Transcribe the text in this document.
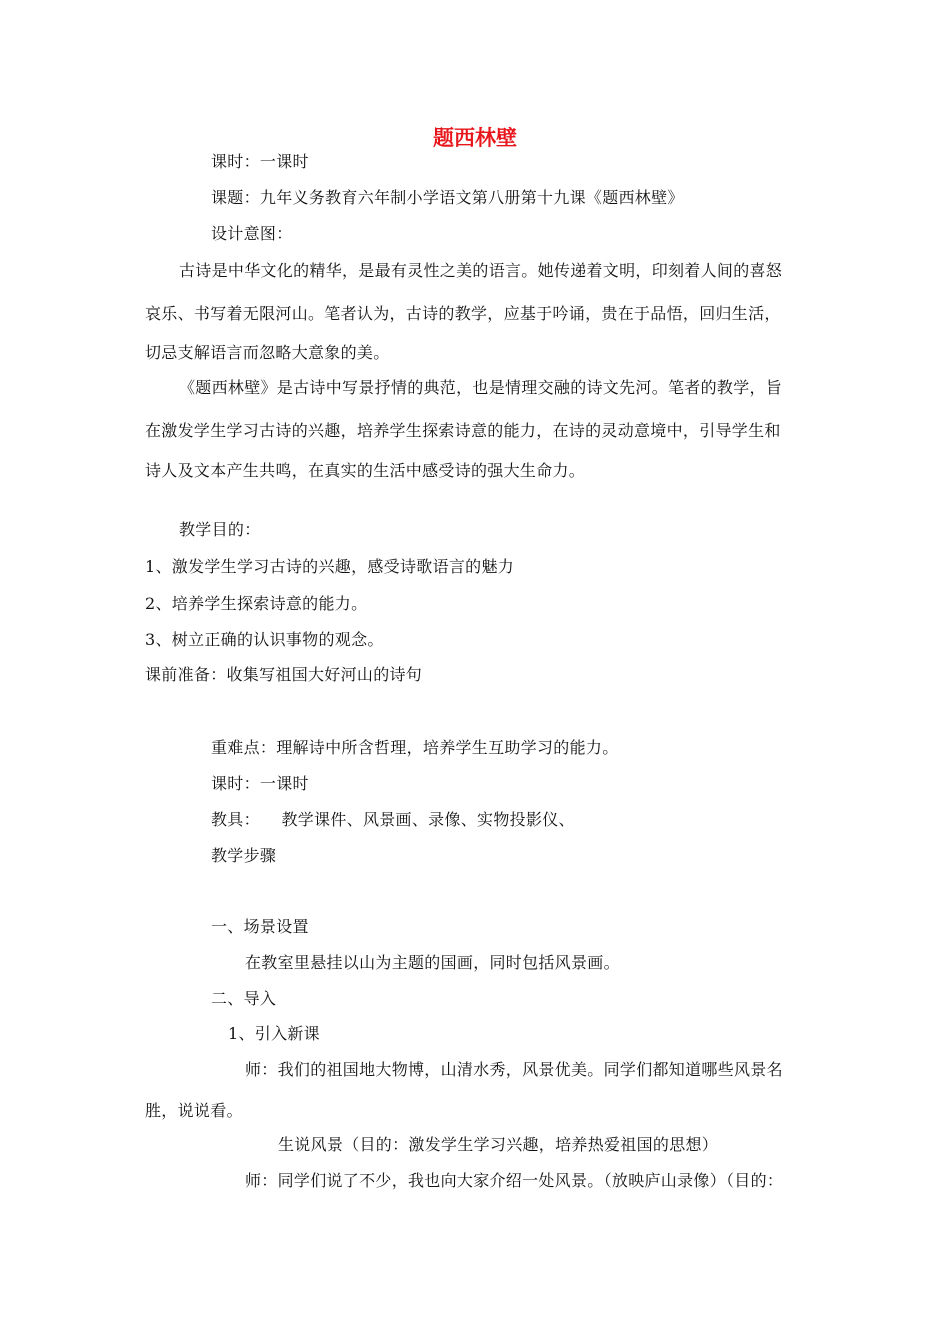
题西林壁
课时：一课时
课题：九年义务教育六年制小学语文第八册第十九课《题西林壁》
设计意图：
古诗是中华文化的精华，是最有灵性之美的语言。她传递着文明，印刻着人间的喜怒
哀乐、书写着无限河山。笔者认为，古诗的教学，应基于吟诵，贵在于品悟，回归生活，
切忌支解语言而忽略大意象的美。
《题西林壁》是古诗中写景抒情的典范，也是情理交融的诗文先河。笔者的教学，旨
在激发学生学习古诗的兴趣，培养学生探索诗意的能力，在诗的灵动意境中，引导学生和
诗人及文本产生共鸣，在真实的生活中感受诗的强大生命力。
教学目的：
1、激发学生学习古诗的兴趣，感受诗歌语言的魅力
2、培养学生探索诗意的能力。
3、树立正确的认识事物的观念。
课前准备：收集写祖国大好河山的诗句
重难点：理解诗中所含哲理，培养学生互助学习的能力。
课时：一课时
教具：    教学课件、风景画、录像、实物投影仪、
教学步骤
一、场景设置
在教室里悬挂以山为主题的国画，同时包括风景画。
二、导入
1、引入新课
师：我们的祖国地大物博，山清水秀，风景优美。同学们都知道哪些风景名
胜，说说看。
生说风景（目的：激发学生学习兴趣，培养热爱祖国的思想）
师：同学们说了不少，我也向大家介绍一处风景。（放映庐山录像）（目的：
